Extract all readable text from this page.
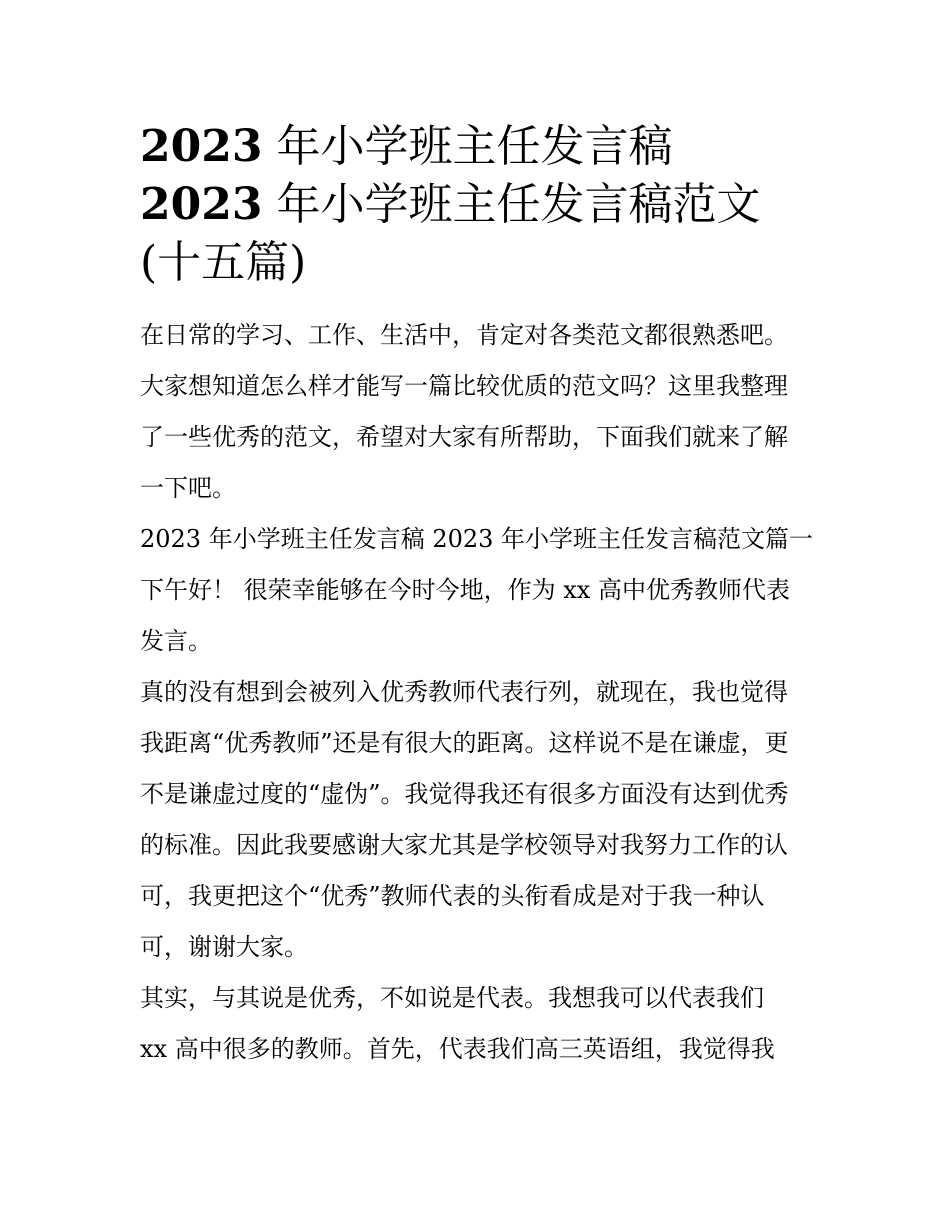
2023 年小学班主任发言稿
2023 年小学班主任发言稿范文
(十五篇)

在日常的学习、工作、生活中，肯定对各类范文都很熟悉吧。
大家想知道怎么样才能写一篇比较优质的范文吗？这里我整理
了一些优秀的范文，希望对大家有所帮助，下面我们就来了解
一下吧。

2023 年小学班主任发言稿 2023 年小学班主任发言稿范文篇一
下午好！ 很荣幸能够在今时今地，作为 xx 高中优秀教师代表
发言。

真的没有想到会被列入优秀教师代表行列，就现在，我也觉得
我距离“优秀教师”还是有很大的距离。这样说不是在谦虚，更
不是谦虚过度的“虚伪”。我觉得我还有很多方面没有达到优秀
的标准。因此我要感谢大家尤其是学校领导对我努力工作的认
可，我更把这个“优秀”教师代表的头衔看成是对于我一种认
可，谢谢大家。

其实，与其说是优秀，不如说是代表。我想我可以代表我们
xx 高中很多的教师。首先，代表我们高三英语组，我觉得我
